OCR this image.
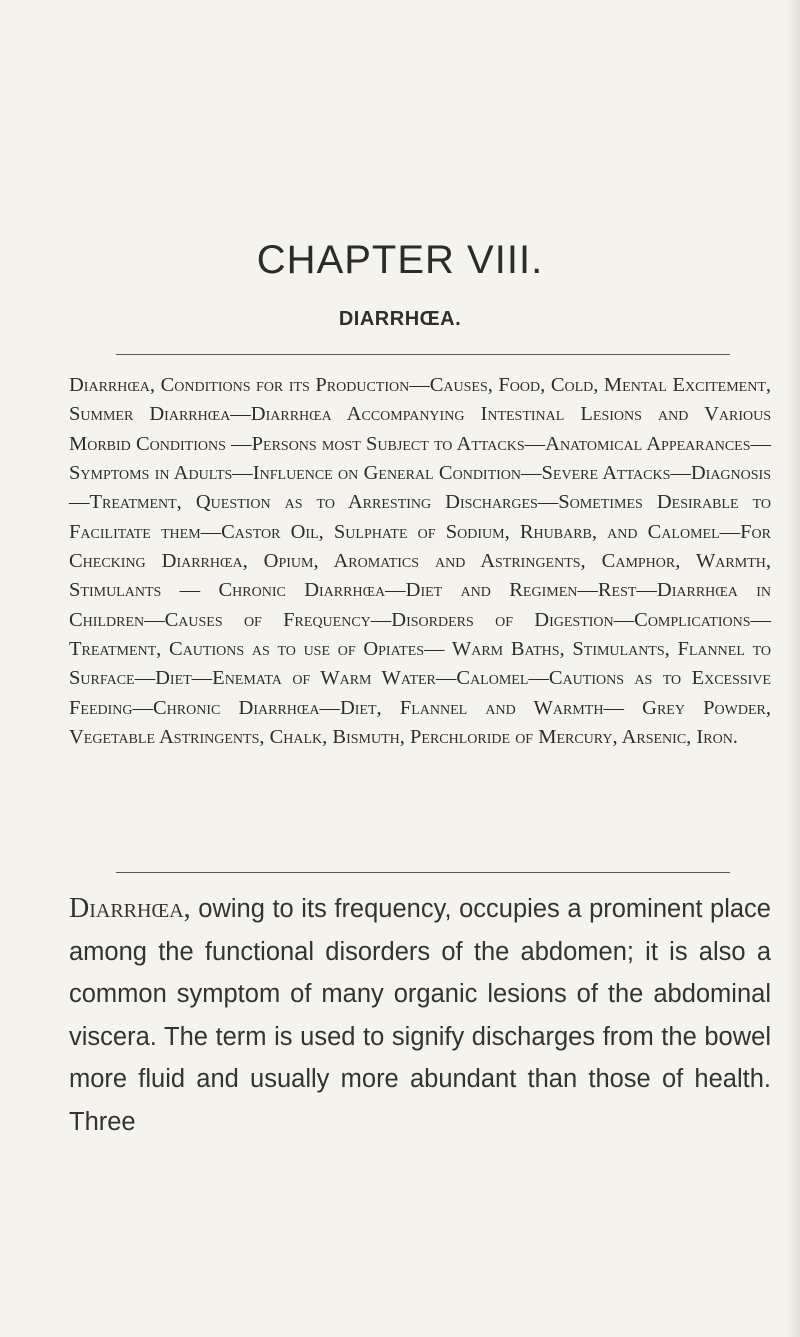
CHAPTER VIII.
DIARRHŒA.

Diarrhœa, Conditions for its Production—Causes, Food, Cold, Mental Excitement, Summer Diarrhœa—Diarrhœa Accompanying Intestinal Lesions and Various Morbid Conditions —Persons most Subject to Attacks—Anatomical Appearances—Symptoms in Adults—Influence on General Condition—Severe Attacks—Diagnosis—Treatment, Question as to Arresting Discharges—Sometimes Desirable to Facilitate them—Castor Oil, Sulphate of Sodium, Rhubarb, and Calomel—For Checking Diarrhœa, Opium, Aromatics and Astringents, Camphor, Warmth, Stimulants — Chronic Diarrhœa—Diet and Regimen—Rest—Diarrhœa in Children—Causes of Frequency—Disorders of Digestion—Complications—Treatment, Cautions as to use of Opiates— Warm Baths, Stimulants, Flannel to Surface—Diet—Enemata of Warm Water—Calomel—Cautions as to Excessive Feeding—Chronic Diarrhœa—Diet, Flannel and Warmth— Grey Powder, Vegetable Astringents, Chalk, Bismuth, Perchloride of Mercury, Arsenic, Iron.

Diarrhœa, owing to its frequency, occupies a prominent place among the functional disorders of the abdomen; it is also a common symptom of many organic lesions of the abdominal viscera. The term is used to signify discharges from the bowel more fluid and usually more abundant than those of health. Three
